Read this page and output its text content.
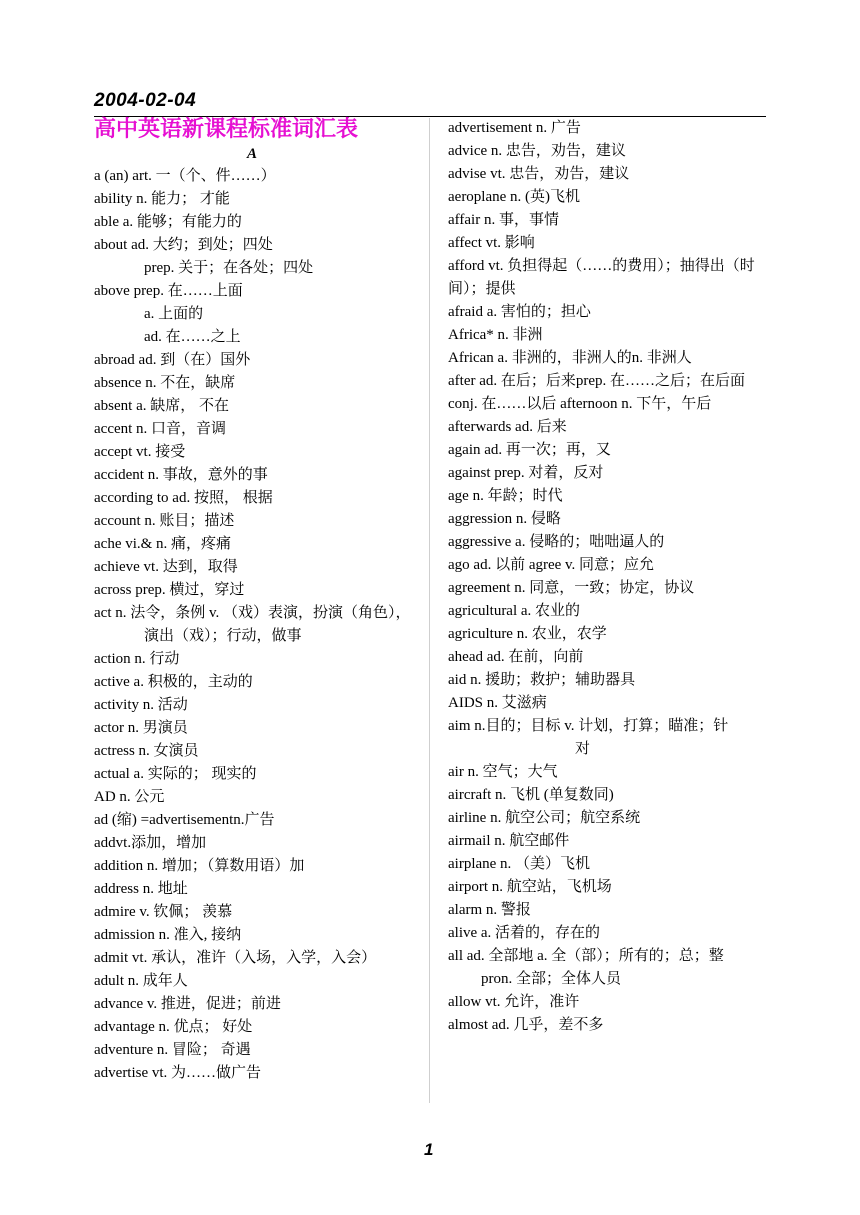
2004-02-04
高中英语新课程标准词汇表
A
a (an) art. 一（个、件……）
ability n. 能力； 才能
able a. 能够；有能力的
about ad. 大约；到处；四处
prep. 关于；在各处；四处
above prep. 在……上面
a. 上面的
ad. 在……之上
abroad ad. 到（在）国外
absence n. 不在，缺席
absent a. 缺席， 不在
accent n. 口音，音调
accept vt. 接受
accident n. 事故，意外的事
according to ad. 按照， 根据
account n. 账目；描述
ache vi.& n. 痛，疼痛
achieve vt. 达到，取得
across prep. 横过，穿过
act n. 法令，条例 v. （戏）表演，扮演（角色），演出（戏）；行动，做事
action n. 行动
active a. 积极的，主动的
activity n. 活动
actor n. 男演员
actress n. 女演员
actual a. 实际的； 现实的
AD n. 公元
ad (缩) =advertisementn.广告
addvt.添加，增加
addition n. 增加；（算数用语）加
address n. 地址
admire v. 钦佩； 羡慕
admission n. 准入, 接纳
admit vt. 承认，准许（入场，入学，入会）
adult n. 成年人
advance v. 推进，促进；前进
advantage n. 优点； 好处
adventure n. 冒险； 奇遇
advertise vt. 为……做广告
advertisement n. 广告
advice n. 忠告，劝告，建议
advise vt. 忠告，劝告，建议
aeroplane n. (英)飞机
affair n. 事，事情
affect vt. 影响
afford vt. 负担得起（……的费用）；抽得出（时间）；提供
afraid a. 害怕的；担心
Africa* n. 非洲
African a. 非洲的，非洲人的n. 非洲人
after ad. 在后；后来prep. 在……之后；在后面 conj. 在……以后 afternoon n. 下午，午后
afterwards ad. 后来
again ad. 再一次；再，又
against prep. 对着，反对
age n. 年龄；时代
aggression n. 侵略
aggressive a. 侵略的；咄咄逼人的
ago ad. 以前 agree v. 同意；应允
agreement n. 同意，一致；协定，协议
agricultural a. 农业的
agriculture n. 农业，农学
ahead ad. 在前，向前
aid n. 援助；救护；辅助器具
AIDS n. 艾滋病
aim n.目的；目标 v. 计划，打算；瞄准；针
对
air n. 空气；大气
aircraft n. 飞机 (单复数同)
airline n. 航空公司；航空系统
airmail n. 航空邮件
airplane n. （美）飞机
airport n. 航空站，飞机场
alarm n. 警报
alive a. 活着的，存在的
all ad. 全部地 a. 全（部）；所有的；总；整
pron. 全部；全体人员
allow vt. 允许，准许
almost ad. 几乎，差不多
1
